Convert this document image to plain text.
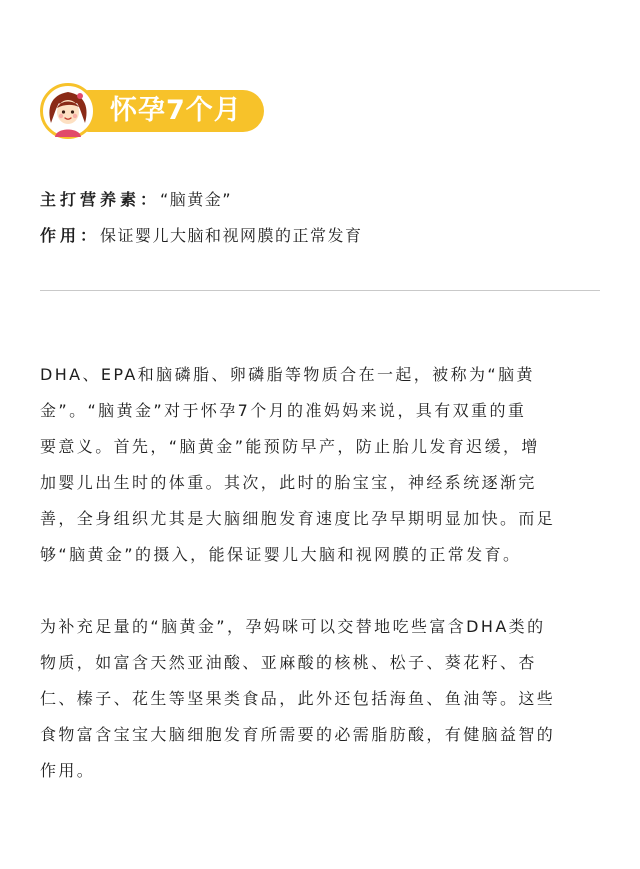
怀孕7个月
主打营养素：“脑黄金”
作用：保证婴儿大脑和视网膜的正常发育

DHA、EPA和脑磷脂、卵磷脂等物质合在一起，被称为“脑黄
金”。“脑黄金”对于怀孕7个月的准妈妈来说，具有双重的重
要意义。首先，“脑黄金”能预防早产，防止胎儿发育迟缓，增
加婴儿出生时的体重。其次，此时的胎宝宝，神经系统逐渐完
善，全身组织尤其是大脑细胞发育速度比孕早期明显加快。而足
够“脑黄金”的摄入，能保证婴儿大脑和视网膜的正常发育。

为补充足量的“脑黄金”，孕妈咪可以交替地吃些富含DHA类的
物质，如富含天然亚油酸、亚麻酸的核桃、松子、葵花籽、杏
仁、榛子、花生等坚果类食品，此外还包括海鱼、鱼油等。这些
食物富含宝宝大脑细胞发育所需要的必需脂肪酸，有健脑益智的
作用。
